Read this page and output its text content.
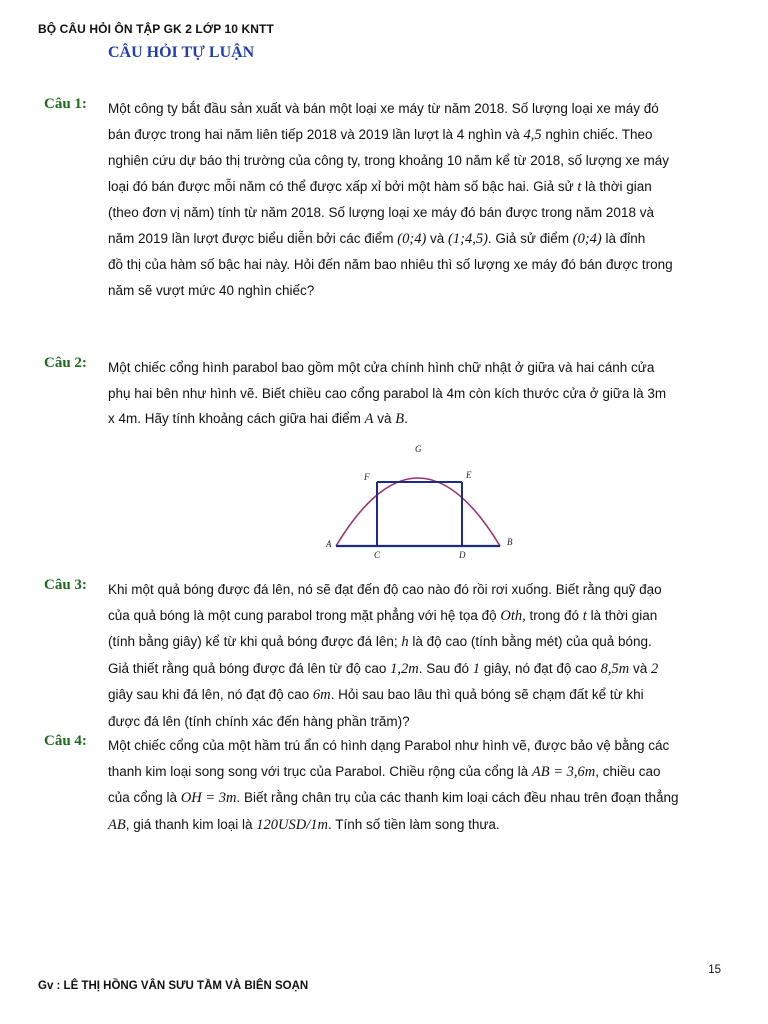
BỘ CÂU HỎI ÔN TẬP GK 2 LỚP 10 KNTT
CÂU HỎI TỰ LUẬN
Câu 1: Một công ty bắt đầu sản xuất và bán một loại xe máy từ năm 2018. Số lượng loại xe máy đó
bán được trong hai năm liên tiếp 2018 và 2019 lần lượt là 4 nghìn và 4,5 nghìn chiếc. Theo
nghiên cứu dự báo thị trường của công ty, trong khoảng 10 năm kể từ 2018, số lượng xe máy
loại đó bán được mỗi năm có thể được xấp xỉ bởi một hàm số bậc hai. Giả sử t là thời gian
(theo đơn vị năm) tính từ năm 2018. Số lượng loại xe máy đó bán được trong năm 2018 và
năm 2019 lần lượt được biểu diễn bởi các điểm (0;4) và (1;4,5). Giả sử điểm (0;4) là đỉnh
đồ thị của hàm số bậc hai này. Hỏi đến năm bao nhiêu thì số lượng xe máy đó bán được trong
năm sẽ vượt mức 40 nghìn chiếc?
Câu 2: Một chiếc cổng hình parabol bao gồm một cửa chính hình chữ nhật ở giữa và hai cánh cửa
phụ hai bên như hình vẽ. Biết chiều cao cổng parabol là 4m còn kích thước cửa ở giữa là 3m
x 4m. Hãy tính khoảng cách giữa hai điểm A và B.
G
F	E
A	B
C	D
Câu 3: Khi một quả bóng được đá lên, nó sẽ đạt đến độ cao nào đó rồi rơi xuống. Biết rằng quỹ đạo
của quả bóng là một cung parabol trong mặt phẳng với hệ tọa độ Oth, trong đó t là thời gian
(tính bằng giây) kể từ khi quả bóng được đá lên; h là độ cao (tính bằng mét) của quả bóng.
Giả thiết rằng quả bóng được đá lên từ độ cao 1,2m. Sau đó 1 giây, nó đạt độ cao 8,5m và 2
giây sau khi đá lên, nó đạt độ cao 6m. Hỏi sau bao lâu thì quả bóng sẽ chạm đất kể từ khi
được đá lên (tính chính xác đến hàng phần trăm)?
Câu 4: Một chiếc cổng của một hầm trú ẩn có hình dạng Parabol như hình vẽ, được bảo vệ bằng các
thanh kim loại song song với trục của Parabol. Chiều rộng của cổng là AB = 3,6m, chiều cao
của cổng là OH = 3m. Biết rằng chân trụ của các thanh kim loại cách đều nhau trên đoạn thẳng
AB, giá thanh kim loại là 120USD/1m. Tính số tiền làm song thưa.
15
Gv : LÊ THỊ HỒNG VÂN SƯU TẦM VÀ BIÊN SOẠN
